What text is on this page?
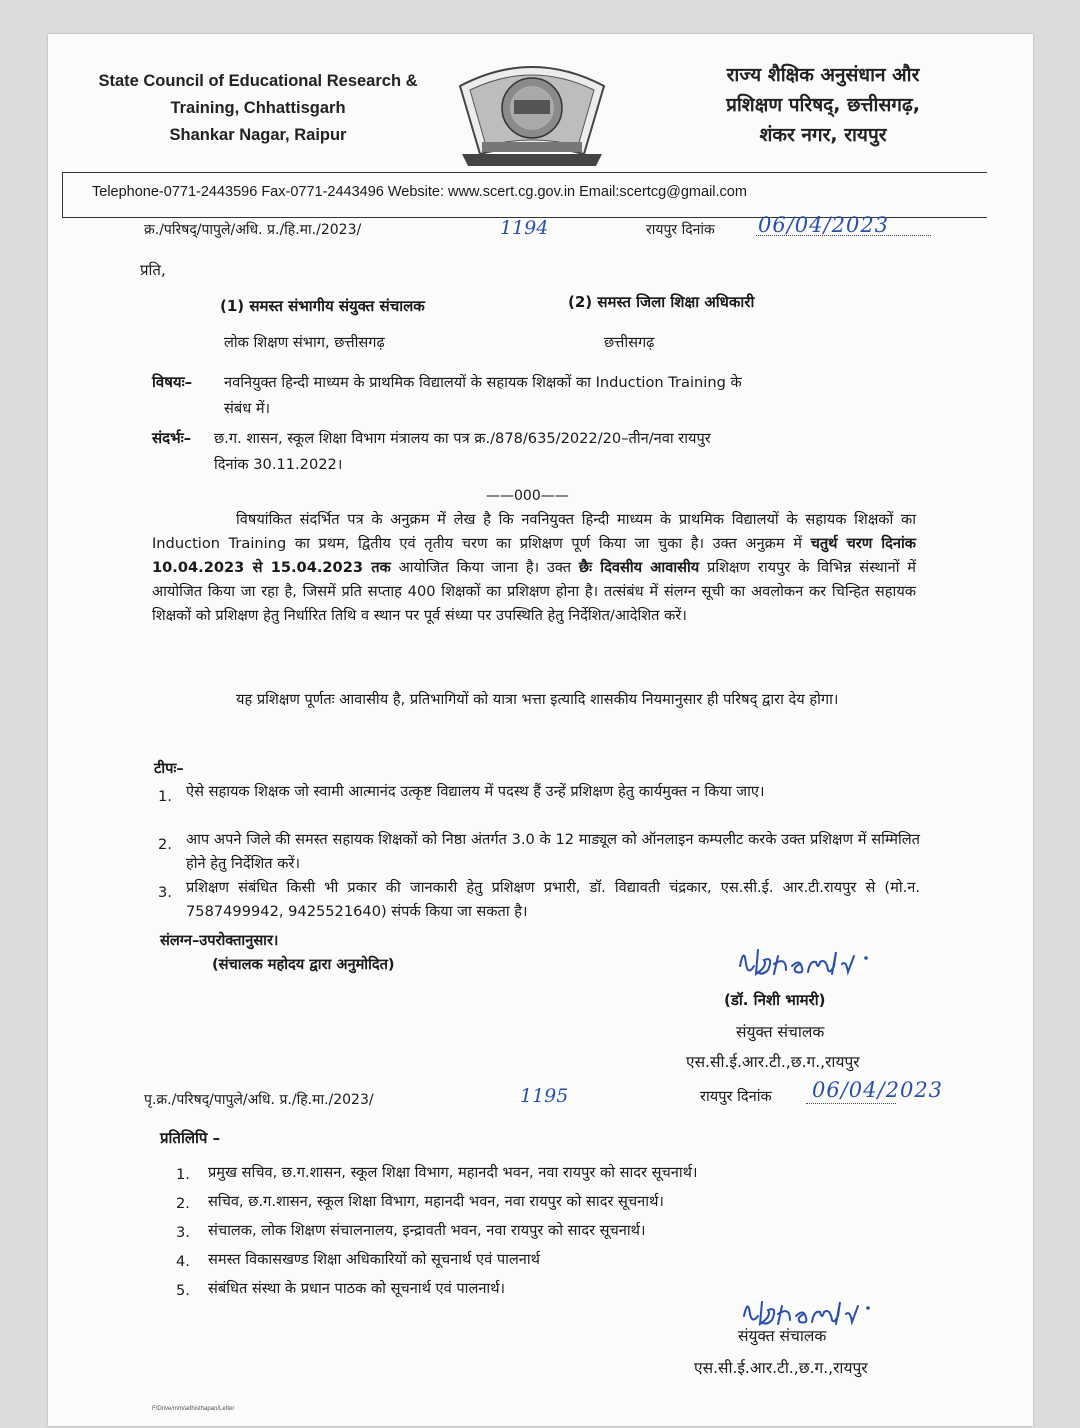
State Council of Educational Research &
Training, Chhattisgarh
Shankar Nagar, Raipur
राज्य शैक्षिक अनुसंधान और
प्रशिक्षण परिषद्, छत्तीसगढ़,
शंकर नगर, रायपुर
Telephone-0771-2443596 Fax-0771-2443496 Website: www.scert.cg.gov.in Email:scertcg@gmail.com
क्र./परिषद्/पापुले/अधि. प्र./हि.मा./2023/	1194	रायपुर दिनांक 06/04/2023
प्रति,
(1) समस्त संभागीय संयुक्त संचालक
लोक शिक्षण संभाग, छत्तीसगढ़
(2) समस्त जिला शिक्षा अधिकारी
छत्तीसगढ़
विषयः– नवनियुक्त हिन्दी माध्यम के प्राथमिक विद्यालयों के सहायक शिक्षकों का Induction Training के
संबंध में।
संदर्भः– छ.ग. शासन, स्कूल शिक्षा विभाग मंत्रालय का पत्र क्र./878/635/2022/20–तीन/नवा रायपुर
दिनांक 30.11.2022।
——000——
विषयांकित संदर्भित पत्र के अनुक्रम में लेख है कि नवनियुक्त हिन्दी माध्यम के प्राथमिक विद्यालयों के सहायक शिक्षकों का Induction Training का प्रथम, द्वितीय एवं तृतीय चरण का प्रशिक्षण पूर्ण किया जा चुका है। उक्त अनुक्रम में चतुर्थ चरण दिनांक 10.04.2023 से 15.04.2023 तक आयोजित किया जाना है। उक्त छैः दिवसीय आवासीय प्रशिक्षण रायपुर के विभिन्न संस्थानों में आयोजित किया जा रहा है, जिसमें प्रति सप्ताह 400 शिक्षकों का प्रशिक्षण होना है। तत्संबंध में संलग्न सूची का अवलोकन कर चिन्हित सहायक शिक्षकों को प्रशिक्षण हेतु निर्धारित तिथि व स्थान पर पूर्व संध्या पर उपस्थिति हेतु निर्देशित/आदेशित करें।
यह प्रशिक्षण पूर्णतः आवासीय है, प्रतिभागियों को यात्रा भत्ता इत्यादि शासकीय नियमानुसार ही परिषद् द्वारा देय होगा।
टीपः–
1. ऐसे सहायक शिक्षक जो स्वामी आत्मानंद उत्कृष्ट विद्यालय में पदस्थ हैं उन्हें प्रशिक्षण हेतु कार्यमुक्त न किया जाए।
2. आप अपने जिले की समस्त सहायक शिक्षकों को निष्ठा अंतर्गत 3.0 के 12 माड्यूल को ऑनलाइन कम्पलीट करके उक्त प्रशिक्षण में सम्मिलित होने हेतु निर्देशित करें।
3. प्रशिक्षण संबंधित किसी भी प्रकार की जानकारी हेतु प्रशिक्षण प्रभारी, डॉ. विद्यावती चंद्रकार, एस.सी.ई. आर.टी.रायपुर से (मो.न. 7587499942, 9425521640) संपर्क किया जा सकता है।
संलग्न–उपरोक्तानुसार।
(संचालक महोदय द्वारा अनुमोदित)
(डॉ. निशी भामरी)
संयुक्त संचालक
एस.सी.ई.आर.टी.,छ.ग.,रायपुर
पृ.क्र./परिषद्/पापुले/अधि. प्र./हि.मा./2023/	1195	रायपुर दिनांक 06/04/2023
प्रतिलिपि –
1. प्रमुख सचिव, छ.ग.शासन, स्कूल शिक्षा विभाग, महानदी भवन, नवा रायपुर को सादर सूचनार्थ।
2. सचिव, छ.ग.शासन, स्कूल शिक्षा विभाग, महानदी भवन, नवा रायपुर को सादर सूचनार्थ।
3. संचालक, लोक शिक्षण संचालनालय, इन्द्रावती भवन, नवा रायपुर को सादर सूचनार्थ।
4. समस्त विकासखण्ड शिक्षा अधिकारियों को सूचनार्थ एवं पालनार्थ
5. संबंधित संस्था के प्रधान पाठक को सूचनार्थ एवं पालनार्थ।
संयुक्त संचालक
एस.सी.ई.आर.टी.,छ.ग.,रायपुर
F/Drive/mm/adhisthapan/Letter
